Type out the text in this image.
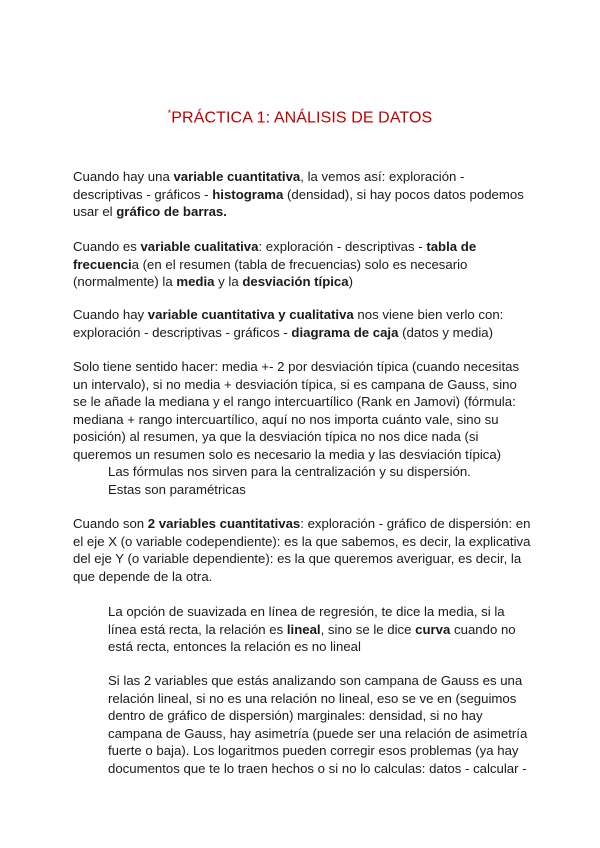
*PRÁCTICA 1: ANÁLISIS DE DATOS
Cuando hay una variable cuantitativa, la vemos así: exploración - descriptivas - gráficos - histograma (densidad), si hay pocos datos podemos usar el gráfico de barras.
Cuando es variable cualitativa: exploración - descriptivas - tabla de frecuencia (en el resumen (tabla de frecuencias) solo es necesario (normalmente) la media y la desviación típica)
Cuando hay variable cuantitativa y cualitativa nos viene bien verlo con: exploración - descriptivas - gráficos - diagrama de caja (datos y media)
Solo tiene sentido hacer: media +- 2 por desviación típica (cuando necesitas un intervalo), si no media + desviación típica, si es campana de Gauss, sino se le añade la mediana y el rango intercuartílico (Rank en Jamovi) (fórmula: mediana + rango intercuartílico, aquí no nos importa cuánto vale, sino su posición) al resumen, ya que la desviación típica no nos dice nada (si queremos un resumen solo es necesario la media y las desviación típica)
Las fórmulas nos sirven para la centralización y su dispersión.
Estas son paramétricas
Cuando son 2 variables cuantitativas: exploración - gráfico de dispersión: en el eje X (o variable codependiente): es la que sabemos, es decir, la explicativa del eje Y (o variable dependiente): es la que queremos averiguar, es decir, la que depende de la otra.
La opción de suavizada en línea de regresión, te dice la media, si la línea está recta, la relación es lineal, sino se le dice curva cuando no está recta, entonces la relación es no lineal
Si las 2 variables que estás analizando son campana de Gauss es una relación lineal, si no es una relación no lineal, eso se ve en (seguimos dentro de gráfico de dispersión) marginales: densidad, si no hay campana de Gauss, hay asimetría (puede ser una relación de asimetría fuerte o baja). Los logaritmos pueden corregir esos problemas (ya hay documentos que te lo traen hechos o si no lo calculas: datos - calcular -
